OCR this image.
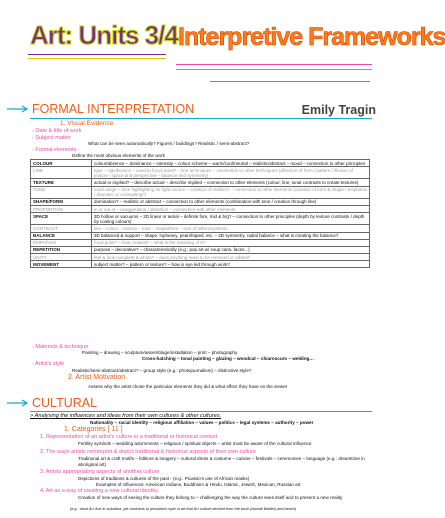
Art: Units 3/4 Interpretive Frameworks
FORMAL INTERPRETATION	Emily Tragin
1. Visual Evidence
- Date & title of work
- Subject matter
What can be seen automatically? Figures / buildings? Realistic / semi-abstract?
- Formal elements
Define the most obvious elements of the work
COLOUR	colour/absence – dominance – intensity – colour scheme – warm/cool/neutral – realistic/abstract – mood – connection to other principles
LINE	type – significance – used to focus point? – line techniques – connection to other techniques (direction of form / pattern / illusion of texture / space and perspective – balance and symmetry)
TEXTURE	actual or implied? – describe actual – describe implied – connection to other elements (colour, line, tonal contrasts to create textures)
TONE	tonal range – tone highlighting for light source – creation of realism? – connection to other elements (creation of form & shape / emphasis / dramatic or contrasting?)
SHAPE/FORM	domination? – realistic or abstract – connection to other elements (combination with tone / creation through line)
PROPORTION	in or out of – exaggeration / distortion – connection with other elements
SPACE	3D hollow or vacuums – 2D linear or aerial – definite fore, mid & b/g? – connection to other principles (depth by texture contrasts / depth by cooling colours)
CONTRAST	line – colour – texture – tone – shape/form – size of letters/symbols
BALANCE	3D balanced & support – shape: lopheavy, pearshaped, etc. – 2D symmetry, radial balance – what is creating the balance?
EMPHASIS	focal point? – how created? – what is the meaning of it?
REPETITION	purpose – decorative? – characteristically (e.g.; pop art w/ soup cans, faces...)
UNITY	feel & look complete & whole? – does anything need to be removed or added?
MOVEMENT	subject matter? – pattern or texture? – how is eye led through work?
- Materials & technique
Painting – drawing – sculpture/assemblage/installation – print – photography
Cross-hatching – tonal painting – glazing – woodcut – chiaroscuro – welding…
- Artist's style
Realistic/semi-abstract/abstract? – group style (e.g.: photojournalism) – distinctive style?
2. Artist Motivation
Assess why the artist chose the particular elements they did & what effect they have on the viewer
CULTURAL
> Analysing the influences and ideas from their own cultures & other cultures.
Nationality – racial identity – religious affiliation – values – politics – legal systems – authority – power
1. Categories [ 11 ]
1. Representation of an artist's culture in a traditional or historical context
Fertility symbols – wedding adornments – religious / spiritual objects – artist must be aware of the cultural influence
2. The ways artists reinterpret & depict traditional & historical aspects of their own culture
Traditional art & craft motifs – folklore & imagery – cultural dress & costume – cuisine – festivals – ceremonies – language (e.g.: dreamtime in aboriginal art)
3. Artists appropriating aspects of another culture
Depictions of traditions & cultures of the past - (e.g.: Picasso's use of African masks)
Examples of influences: American Indians, Buddhism & Hindu, Islamic, Jewish, Mexican, Russian art
4. Art as a way of creating a new cultural identity
Creation of new ways of seeing the culture they belong to – challenging the way the culture sees itself and to present a new reality
(e.g.: most AU Ave in suburbia, yet contrasts to persistent myth in art that AU culture derived from the bush (Aussie Battler) and beach)
